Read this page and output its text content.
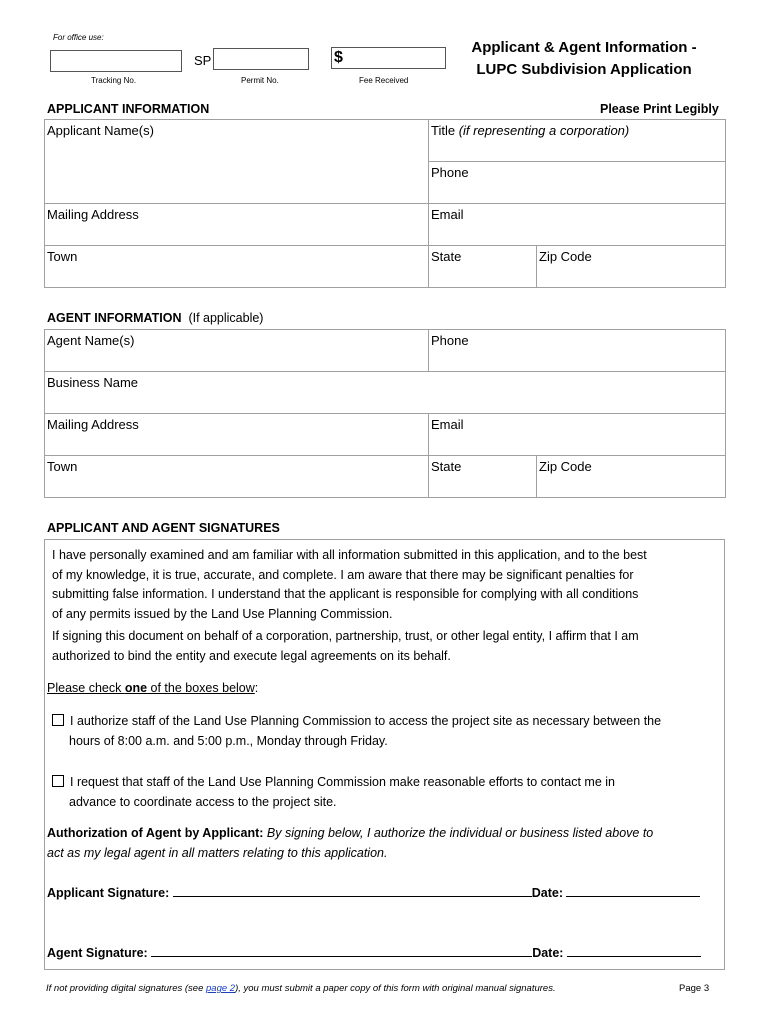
For office use:
SP	$
Tracking No.	Permit No.	Fee Received
Applicant & Agent Information -
LUPC Subdivision Application
APPLICANT INFORMATION	Please Print Legibly
Applicant Name(s)	Title (if representing a corporation)	
	Phone	
Mailing Address	Email	
Town	State	Zip Code
AGENT INFORMATION (If applicable)
Agent Name(s)	Phone	
Business Name		
Mailing Address	Email	
Town	State	Zip Code
APPLICANT AND AGENT SIGNATURES
I have personally examined and am familiar with all information submitted in this application, and to the best
of my knowledge, it is true, accurate, and complete. I am aware that there may be significant penalties for
submitting false information. I understand that the applicant is responsible for complying with all conditions
of any permits issued by the Land Use Planning Commission.
If signing this document on behalf of a corporation, partnership, trust, or other legal entity, I affirm that I am
authorized to bind the entity and execute legal agreements on its behalf.
Please check one of the boxes below:
I authorize staff of the Land Use Planning Commission to access the project site as necessary between the
hours of 8:00 a.m. and 5:00 p.m., Monday through Friday.
I request that staff of the Land Use Planning Commission make reasonable efforts to contact me in
advance to coordinate access to the project site.
Authorization of Agent by Applicant: By signing below, I authorize the individual or business listed above to
act as my legal agent in all matters relating to this application.
Applicant Signature:	Date:
Agent Signature:	Date:
If not providing digital signatures (see page 2), you must submit a paper copy of this form with original manual signatures.	Page 3
